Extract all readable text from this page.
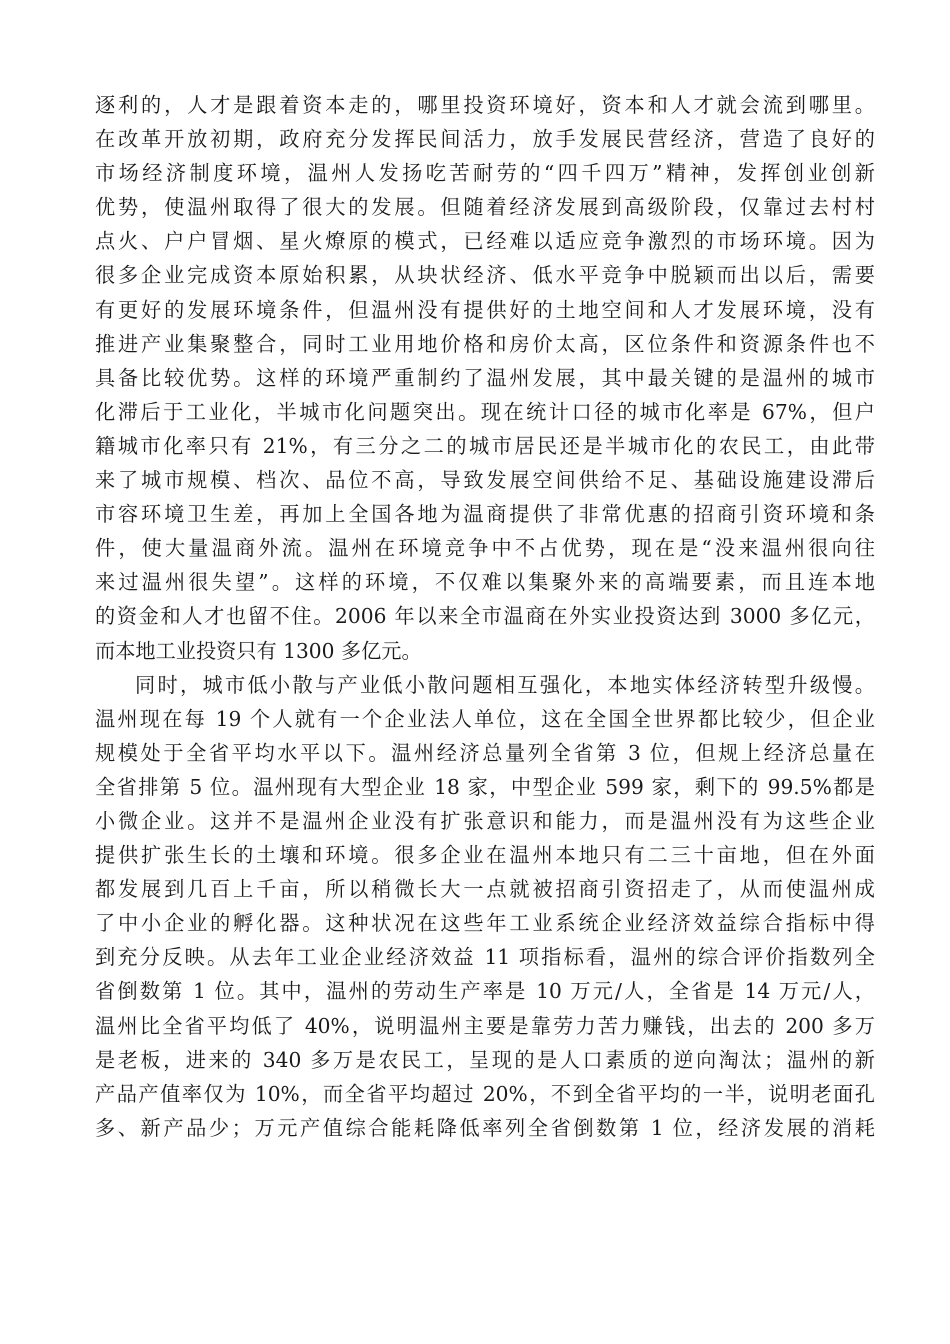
逐利的，人才是跟着资本走的，哪里投资环境好，资本和人才就会流到哪里。
在改革开放初期，政府充分发挥民间活力，放手发展民营经济，营造了良好的
市场经济制度环境，温州人发扬吃苦耐劳的“四千四万”精神，发挥创业创新
优势，使温州取得了很大的发展。但随着经济发展到高级阶段，仅靠过去村村
点火、户户冒烟、星火燎原的模式，已经难以适应竞争激烈的市场环境。因为
很多企业完成资本原始积累，从块状经济、低水平竞争中脱颖而出以后，需要
有更好的发展环境条件，但温州没有提供好的土地空间和人才发展环境，没有
推进产业集聚整合，同时工业用地价格和房价太高，区位条件和资源条件也不
具备比较优势。这样的环境严重制约了温州发展，其中最关键的是温州的城市
化滞后于工业化，半城市化问题突出。现在统计口径的城市化率是 67%，但户
籍城市化率只有 21%，有三分之二的城市居民还是半城市化的农民工，由此带
来了城市规模、档次、品位不高，导致发展空间供给不足、基础设施建设滞后
市容环境卫生差，再加上全国各地为温商提供了非常优惠的招商引资环境和条
件，使大量温商外流。温州在环境竞争中不占优势，现在是“没来温州很向往
来过温州很失望”。这样的环境，不仅难以集聚外来的高端要素，而且连本地
的资金和人才也留不住。2006 年以来全市温商在外实业投资达到 3000 多亿元，
而本地工业投资只有 1300 多亿元。
同时，城市低小散与产业低小散问题相互强化，本地实体经济转型升级慢。
温州现在每 19 个人就有一个企业法人单位，这在全国全世界都比较少，但企业
规模处于全省平均水平以下。温州经济总量列全省第 3 位，但规上经济总量在
全省排第 5 位。温州现有大型企业 18 家，中型企业 599 家，剩下的 99.5%都是
小微企业。这并不是温州企业没有扩张意识和能力，而是温州没有为这些企业
提供扩张生长的土壤和环境。很多企业在温州本地只有二三十亩地，但在外面
都发展到几百上千亩，所以稍微长大一点就被招商引资招走了，从而使温州成
了中小企业的孵化器。这种状况在这些年工业系统企业经济效益综合指标中得
到充分反映。从去年工业企业经济效益 11 项指标看，温州的综合评价指数列全
省倒数第 1 位。其中，温州的劳动生产率是 10 万元/人，全省是 14 万元/人，
温州比全省平均低了 40%，说明温州主要是靠劳力苦力赚钱，出去的 200 多万
是老板，进来的 340 多万是农民工，呈现的是人口素质的逆向淘汰；温州的新
产品产值率仅为 10%，而全省平均超过 20%，不到全省平均的一半，说明老面孔
多、新产品少；万元产值综合能耗降低率列全省倒数第 1 位，经济发展的消耗
